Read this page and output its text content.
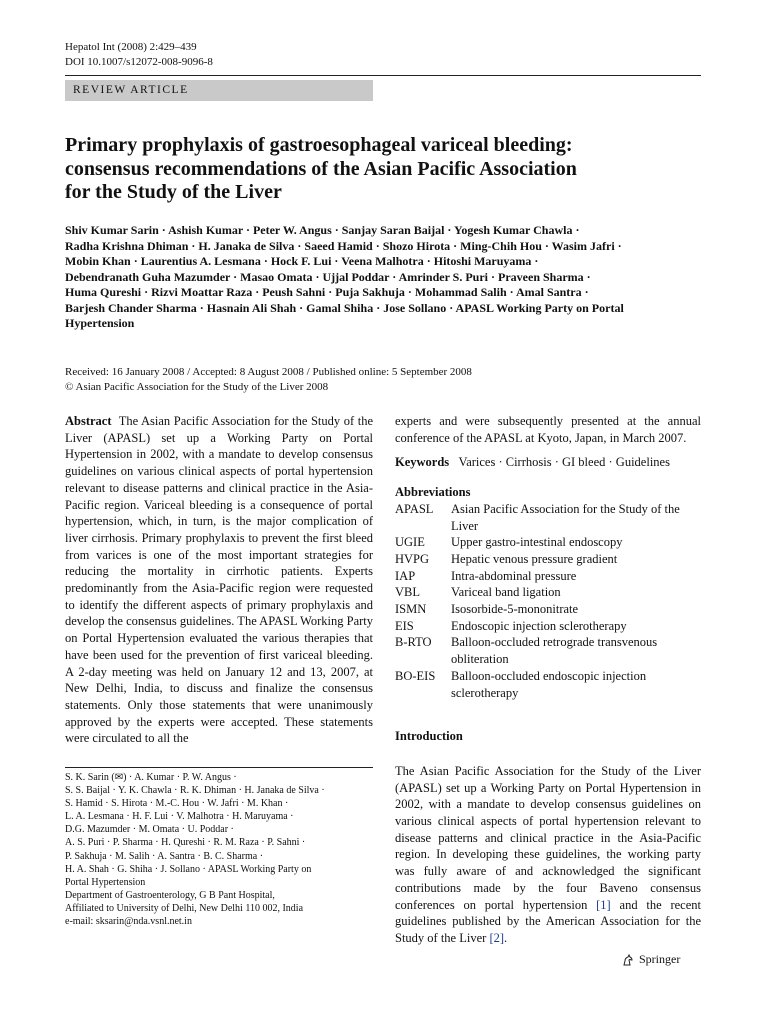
Hepatol Int (2008) 2:429–439
DOI 10.1007/s12072-008-9096-8
REVIEW ARTICLE
Primary prophylaxis of gastroesophageal variceal bleeding:
consensus recommendations of the Asian Pacific Association
for the Study of the Liver
Shiv Kumar Sarin · Ashish Kumar · Peter W. Angus · Sanjay Saran Baijal · Yogesh Kumar Chawla ·
Radha Krishna Dhiman · H. Janaka de Silva · Saeed Hamid · Shozo Hirota · Ming-Chih Hou · Wasim Jafri ·
Mobin Khan · Laurentius A. Lesmana · Hock F. Lui · Veena Malhotra · Hitoshi Maruyama ·
Debendranath Guha Mazumder · Masao Omata · Ujjal Poddar · Amrinder S. Puri · Praveen Sharma ·
Huma Qureshi · Rizvi Moattar Raza · Peush Sahni · Puja Sakhuja · Mohammad Salih · Amal Santra ·
Barjesh Chander Sharma · Hasnain Ali Shah · Gamal Shiha · Jose Sollano · APASL Working Party on Portal
Hypertension
Received: 16 January 2008 / Accepted: 8 August 2008 / Published online: 5 September 2008
© Asian Pacific Association for the Study of the Liver 2008
Abstract The Asian Pacific Association for the Study of the Liver (APASL) set up a Working Party on Portal Hypertension in 2002, with a mandate to develop consensus guidelines on various clinical aspects of portal hypertension relevant to disease patterns and clinical practice in the Asia-Pacific region. Variceal bleeding is a consequence of portal hypertension, which, in turn, is the major complication of liver cirrhosis. Primary prophylaxis to prevent the first bleed from varices is one of the most important strategies for reducing the mortality in cirrhotic patients. Experts predominantly from the Asia-Pacific region were requested to identify the different aspects of primary prophylaxis and develop the consensus guidelines. The APASL Working Party on Portal Hypertension evaluated the various therapies that have been used for the prevention of first variceal bleeding. A 2-day meeting was held on January 12 and 13, 2007, at New Delhi, India, to discuss and finalize the consensus statements. Only those statements that were unanimously approved by the experts were accepted. These statements were circulated to all the
experts and were subsequently presented at the annual conference of the APASL at Kyoto, Japan, in March 2007.
Keywords Varices · Cirrhosis · GI bleed · Guidelines
Abbreviations
APASL	Asian Pacific Association for the Study of the Liver
UGIE	Upper gastro-intestinal endoscopy
HVPG	Hepatic venous pressure gradient
IAP	Intra-abdominal pressure
VBL	Variceal band ligation
ISMN	Isosorbide-5-mononitrate
EIS	Endoscopic injection sclerotherapy
B-RTO	Balloon-occluded retrograde transvenous obliteration
BO-EIS	Balloon-occluded endoscopic injection sclerotherapy
Introduction
The Asian Pacific Association for the Study of the Liver (APASL) set up a Working Party on Portal Hypertension in 2002, with a mandate to develop consensus guidelines on various clinical aspects of portal hypertension relevant to disease patterns and clinical practice in the Asia-Pacific region. In developing these guidelines, the working party was fully aware of and acknowledged the significant contributions made by the four Baveno consensus conferences on portal hypertension [1] and the recent guidelines published by the American Association for the Study of the Liver [2].
S. K. Sarin (✉) · A. Kumar · P. W. Angus ·
S. S. Baijal · Y. K. Chawla · R. K. Dhiman · H. Janaka de Silva ·
S. Hamid · S. Hirota · M.-C. Hou · W. Jafri · M. Khan ·
L. A. Lesmana · H. F. Lui · V. Malhotra · H. Maruyama ·
D.G. Mazumder · M. Omata · U. Poddar ·
A. S. Puri · P. Sharma · H. Qureshi · R. M. Raza · P. Sahni ·
P. Sakhuja · M. Salih · A. Santra · B. C. Sharma ·
H. A. Shah · G. Shiha · J. Sollano · APASL Working Party on
Portal Hypertension
Department of Gastroenterology, G B Pant Hospital,
Affiliated to University of Delhi, New Delhi 110 002, India
e-mail: sksarin@nda.vsnl.net.in
Springer
